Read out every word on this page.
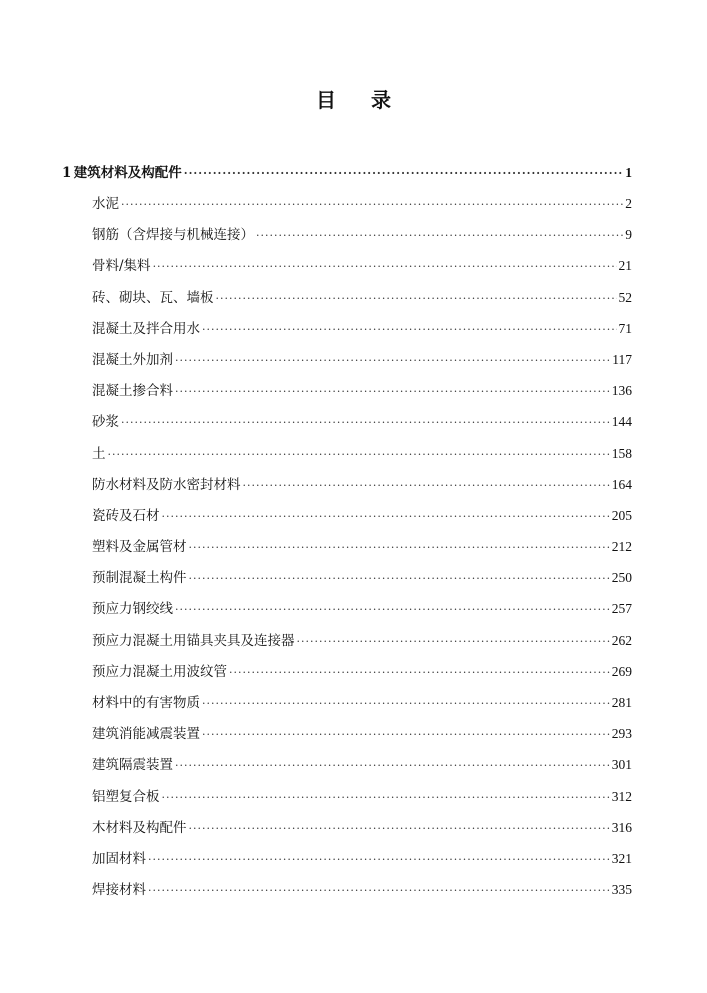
目 录
1 建筑材料及构配件 ·····	1
水泥 ·····	2
钢筋（含焊接与机械连接） ·····	9
骨料/集料 ·····	21
砖、砌块、瓦、墙板 ·····	52
混凝土及拌合用水 ·····	71
混凝土外加剂 ·····	117
混凝土掺合料 ·····	136
砂浆 ·····	144
土 ·····	158
防水材料及防水密封材料 ·····	164
瓷砖及石材 ·····	205
塑料及金属管材 ·····	212
预制混凝土构件 ·····	250
预应力钢绞线 ·····	257
预应力混凝土用锚具夹具及连接器 ·····	262
预应力混凝土用波纹管 ·····	269
材料中的有害物质 ·····	281
建筑消能减震装置 ·····	293
建筑隔震装置 ·····	301
铝塑复合板 ·····	312
木材料及构配件 ·····	316
加固材料 ·····	321
焊接材料 ·····	335
